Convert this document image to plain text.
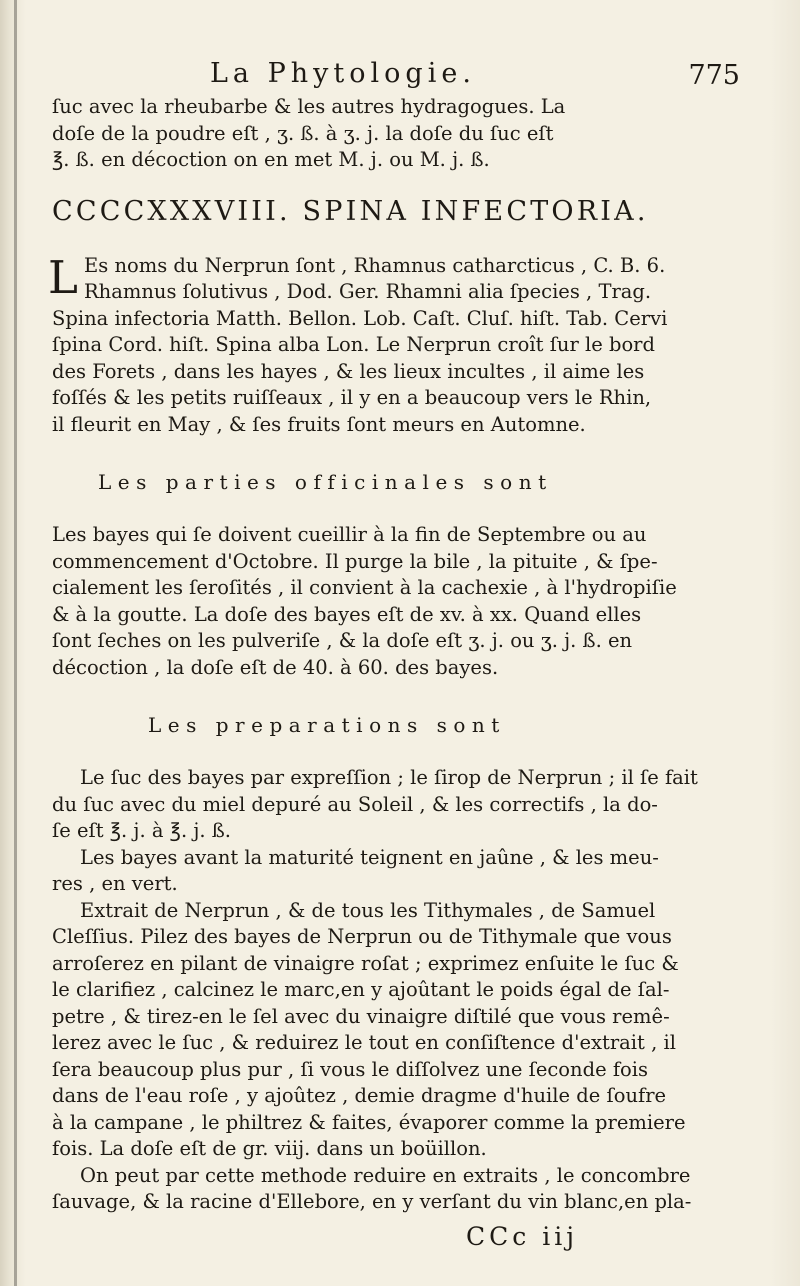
La Phytologie.	775
ſuc avec la rheubarbe & les autres hydragogues. La
doſe de la poudre eſt , ʒ. ß. à ʒ. j. la doſe du ſuc eſt
℥. ß. en décoction on en met M. j. ou M. j. ß.
CCCCXXXVIII. SPINA INFECTORIA.
L Es noms du Nerprun ſont , Rhamnus catharcticus , C. B. 6.
Rhamnus ſolutivus , Dod. Ger. Rhamni alia ſpecies , Trag.
Spina infectoria Matth. Bellon. Lob. Caſt. Cluſ. hiſt. Tab. Cervi
ſpina Cord. hiſt. Spina alba Lon. Le Nerprun croît ſur le bord
des Forets , dans les hayes , & les lieux incultes , il aime les
foſſés & les petits ruiſſeaux , il y en a beaucoup vers le Rhin,
il fleurit en May , & ſes fruits ſont meurs en Automne.
Les parties officinales sont
Les bayes qui ſe doivent cueillir à la fin de Septembre ou au
commencement d'Octobre. Il purge la bile , la pituite , & ſpe-
cialement les ſeroſités , il convient à la cachexie , à l'hydropiſie
& à la goutte. La doſe des bayes eſt de xv. à xx. Quand elles
ſont ſeches on les pulveriſe , & la doſe eſt ʒ. j. ou ʒ. j. ß. en
décoction , la doſe eſt de 40. à 60. des bayes.
Les preparations sont
Le ſuc des bayes par expreſſion ; le ſirop de Nerprun ; il ſe fait
du ſuc avec du miel depuré au Soleil , & les correctifs , la do-
ſe eſt ℥. j. à ℥. j. ß.
Les bayes avant la maturité teignent en jaûne , & les meu-
res , en vert.
Extrait de Nerprun , & de tous les Tithymales , de Samuel
Cleſſius. Pilez des bayes de Nerprun ou de Tithymale que vous
arroſerez en pilant de vinaigre roſat ; exprimez enſuite le ſuc &
le clarifiez , calcinez le marc,en y ajoûtant le poids égal de ſal-
petre , & tirez-en le ſel avec du vinaigre diſtilé que vous remê-
lerez avec le ſuc , & reduirez le tout en conſiſtence d'extrait , il
ſera beaucoup plus pur , ſi vous le diſſolvez une ſeconde fois
dans de l'eau roſe , y ajoûtez , demie dragme d'huile de ſoufre
à la campane , le philtrez & faites, évaporer comme la premiere
fois. La doſe eſt de gr. viij. dans un boüillon.
On peut par cette methode reduire en extraits , le concombre
ſauvage, & la racine d'Ellebore, en y verſant du vin blanc,en pla-
CCc iij
